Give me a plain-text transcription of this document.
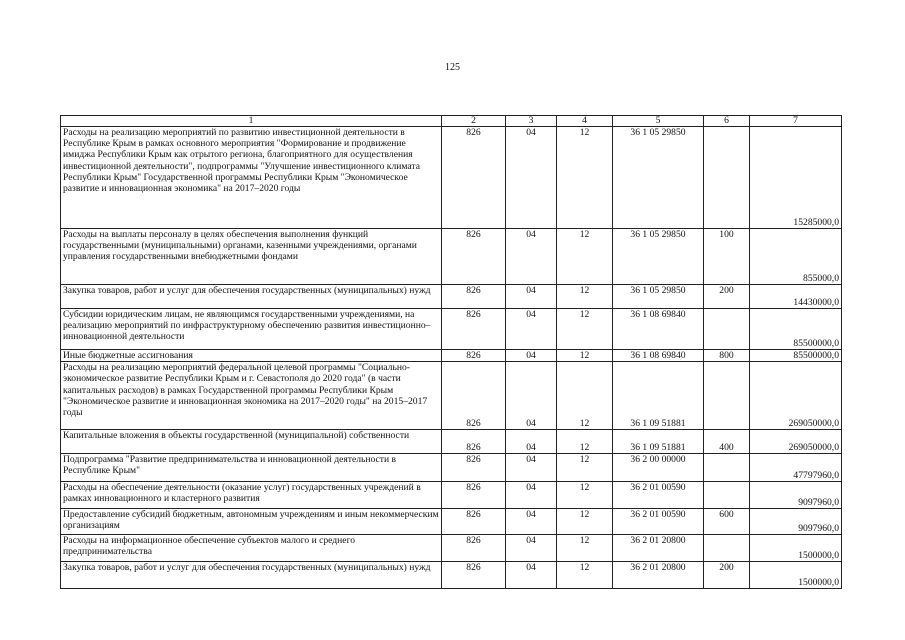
125
1	2	3	4	5	6	7
Расходы на реализацию мероприятий по развитию инвестиционной деятельности в Республике Крым в рамках основного мероприятия "Формирование и продвижение имиджа Республики Крым как отрытого региона, благоприятного для осуществления инвестиционной деятельности", подпрограммы "Улучшение инвестиционного климата Республики Крым" Государственной программы Республики Крым "Экономическое развитие и инновационная экономика" на 2017–2020 годы	826	04	12	36 1 05 29850		15285000,0
Расходы на выплаты персоналу в целях обеспечения выполнения функций государственными (муниципальными) органами, казенными учреждениями, органами управления государственными внебюджетными фондами	826	04	12	36 1 05 29850	100	855000,0
Закупка товаров, работ и услуг для обеспечения государственных (муниципальных) нужд	826	04	12	36 1 05 29850	200	14430000,0
Субсидии юридическим лицам, не являющимся государственными учреждениями, на реализацию мероприятий по инфраструктурному обеспечению развития инвестиционно–инновационной деятельности	826	04	12	36 1 08 69840		85500000,0
Иные бюджетные ассигнования	826	04	12	36 1 08 69840	800	85500000,0
Расходы на реализацию мероприятий федеральной целевой программы "Социально-экономическое развитие Республики Крым и г. Севастополя до 2020 года" (в части капитальных расходов) в рамках Государственной программы Республики Крым "Экономическое развитие и инновационная экономика на 2017–2020 годы" на 2015–2017 годы	826	04	12	36 1 09 51881		269050000,0
Капитальные вложения в объекты государственной (муниципальной) собственности	826	04	12	36 1 09 51881	400	269050000,0
Подпрограмма "Развитие предпринимательства и инновационной деятельности в Республике Крым"	826	04	12	36 2 00 00000		47797960,0
Расходы на обеспечение деятельности (оказание услуг) государственных учреждений в рамках инновационного и кластерного развития	826	04	12	36 2 01 00590		9097960,0
Предоставление субсидий бюджетным, автономным учреждениям и иным некоммерческим организациям	826	04	12	36 2 01 00590	600	9097960,0
Расходы на информационное обеспечение субъектов малого и среднего предпринимательства	826	04	12	36 2 01 20800		1500000,0
Закупка товаров, работ и услуг для обеспечения государственных (муниципальных) нужд	826	04	12	36 2 01 20800	200	1500000,0
